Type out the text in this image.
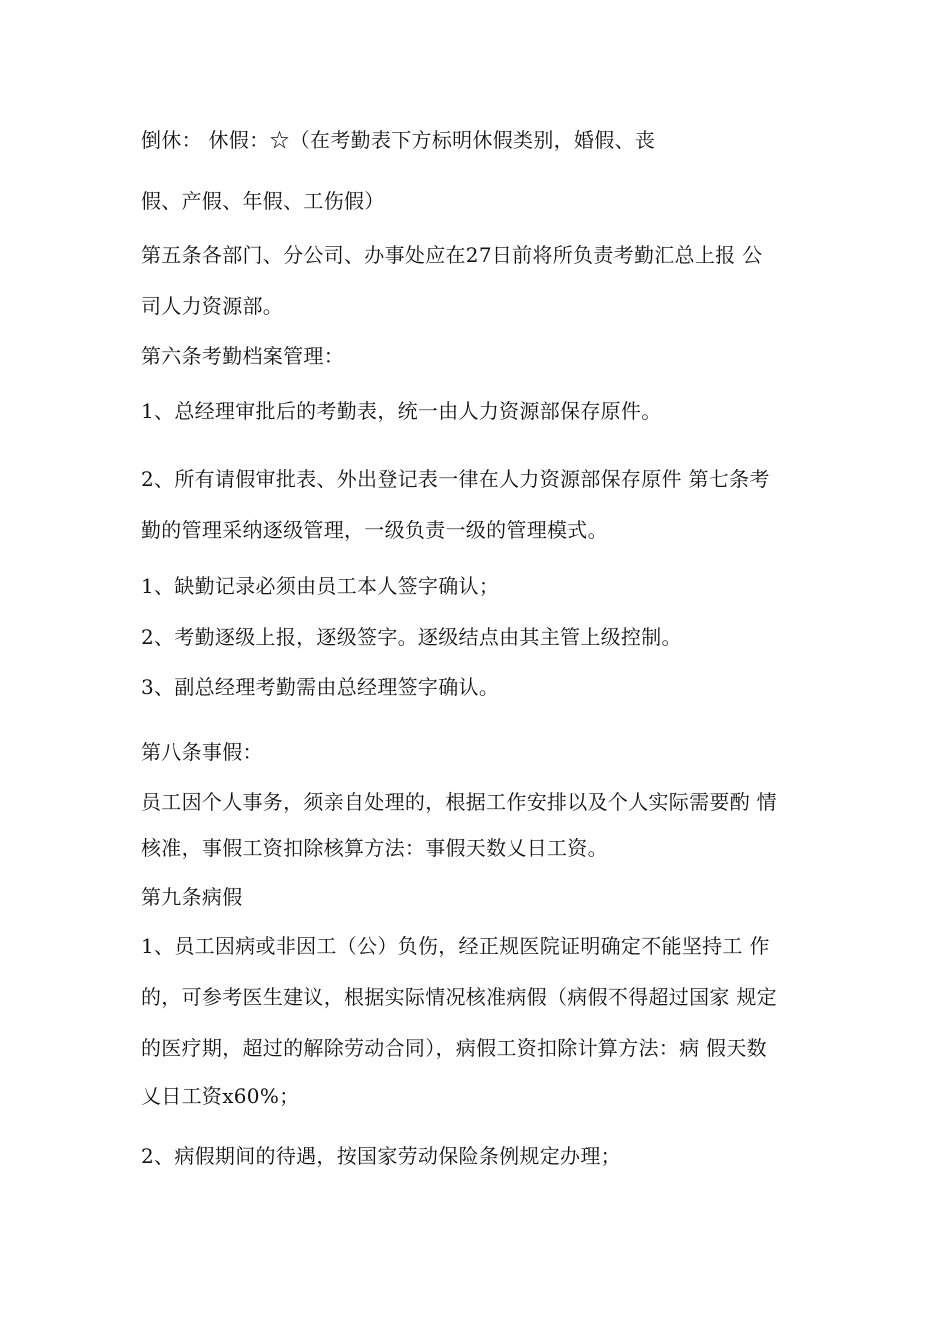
倒休： 休假：☆（在考勤表下方标明休假类别，婚假、丧
假、产假、年假、工伤假）
第五条各部门、分公司、办事处应在27日前将所负责考勤汇总上报 公
司人力资源部。
第六条考勤档案管理：
1、总经理审批后的考勤表，统一由人力资源部保存原件。
2、所有请假审批表、外出登记表一律在人力资源部保存原件 第七条考
勤的管理采纳逐级管理，一级负责一级的管理模式。
1、缺勤记录必须由员工本人签字确认；
2、考勤逐级上报，逐级签字。逐级结点由其主管上级控制。
3、副总经理考勤需由总经理签字确认。
第八条事假：
员工因个人事务，须亲自处理的，根据工作安排以及个人实际需要酌 情
核准，事假工资扣除核算方法：事假天数乂日工资。
第九条病假
1、员工因病或非因工（公）负伤，经正规医院证明确定不能坚持工 作
的，可参考医生建议，根据实际情况核准病假（病假不得超过国家 规定
的医疗期，超过的解除劳动合同），病假工资扣除计算方法：病 假天数
乂日工资x60%；
2、病假期间的待遇，按国家劳动保险条例规定办理；
